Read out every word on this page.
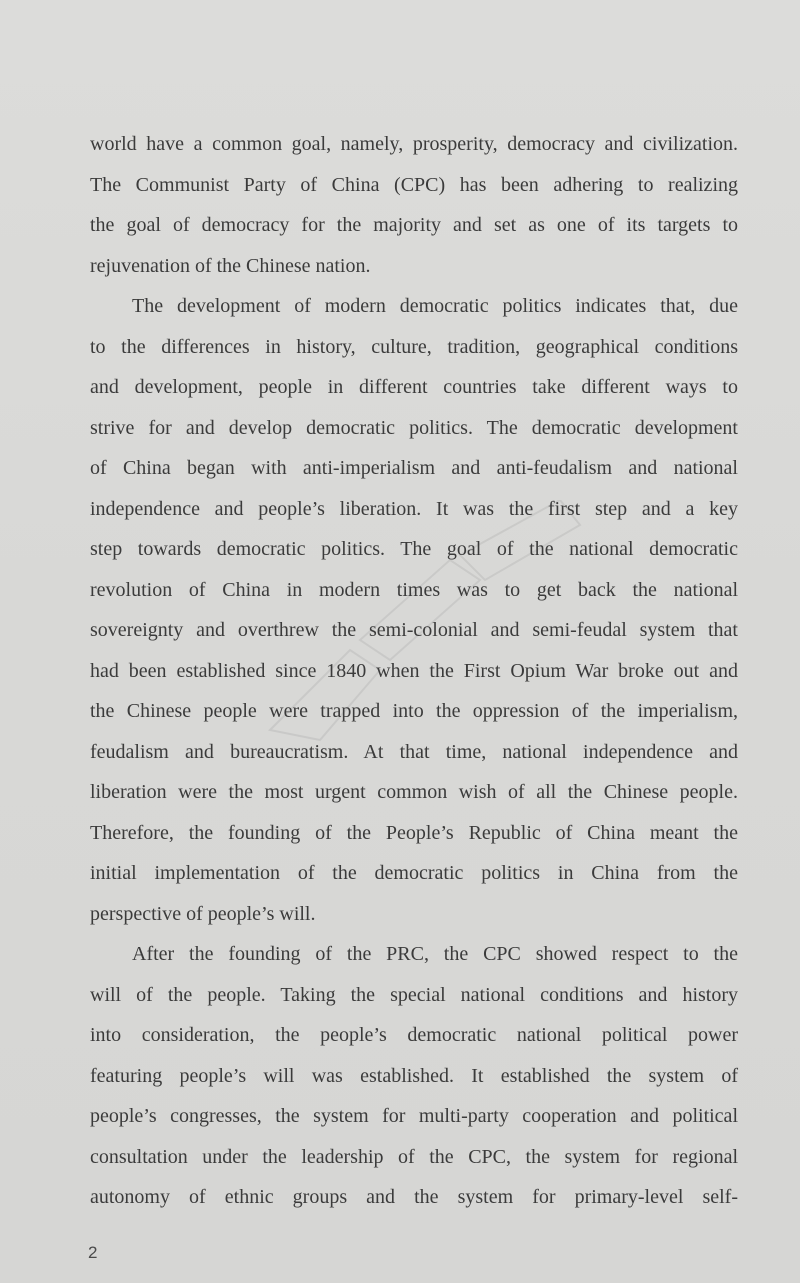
world have a common goal, namely, prosperity, democracy and civilization.
The Communist Party of China (CPC) has been adhering to realizing
the goal of democracy for the majority and set as one of its targets to
rejuvenation of the Chinese nation.

The development of modern democratic politics indicates that, due
to the differences in history, culture, tradition, geographical conditions
and development, people in different countries take different ways to
strive for and develop democratic politics. The democratic development
of China began with anti-imperialism and anti-feudalism and national
independence and people’s liberation. It was the first step and a key
step towards democratic politics. The goal of the national democratic
revolution of China in modern times was to get back the national
sovereignty and overthrew the semi-colonial and semi-feudal system that
had been established since 1840 when the First Opium War broke out and
the Chinese people were trapped into the oppression of the imperialism,
feudalism and bureaucratism. At that time, national independence and
liberation were the most urgent common wish of all the Chinese people.
Therefore, the founding of the People’s Republic of China meant the
initial implementation of the democratic politics in China from the
perspective of people’s will.

After the founding of the PRC, the CPC showed respect to the
will of the people. Taking the special national conditions and history
into consideration, the people’s democratic national political power
featuring people’s will was established. It established the system of
people’s congresses, the system for multi-party cooperation and political
consultation under the leadership of the CPC, the system for regional
autonomy of ethnic groups and the system for primary-level self-

2
